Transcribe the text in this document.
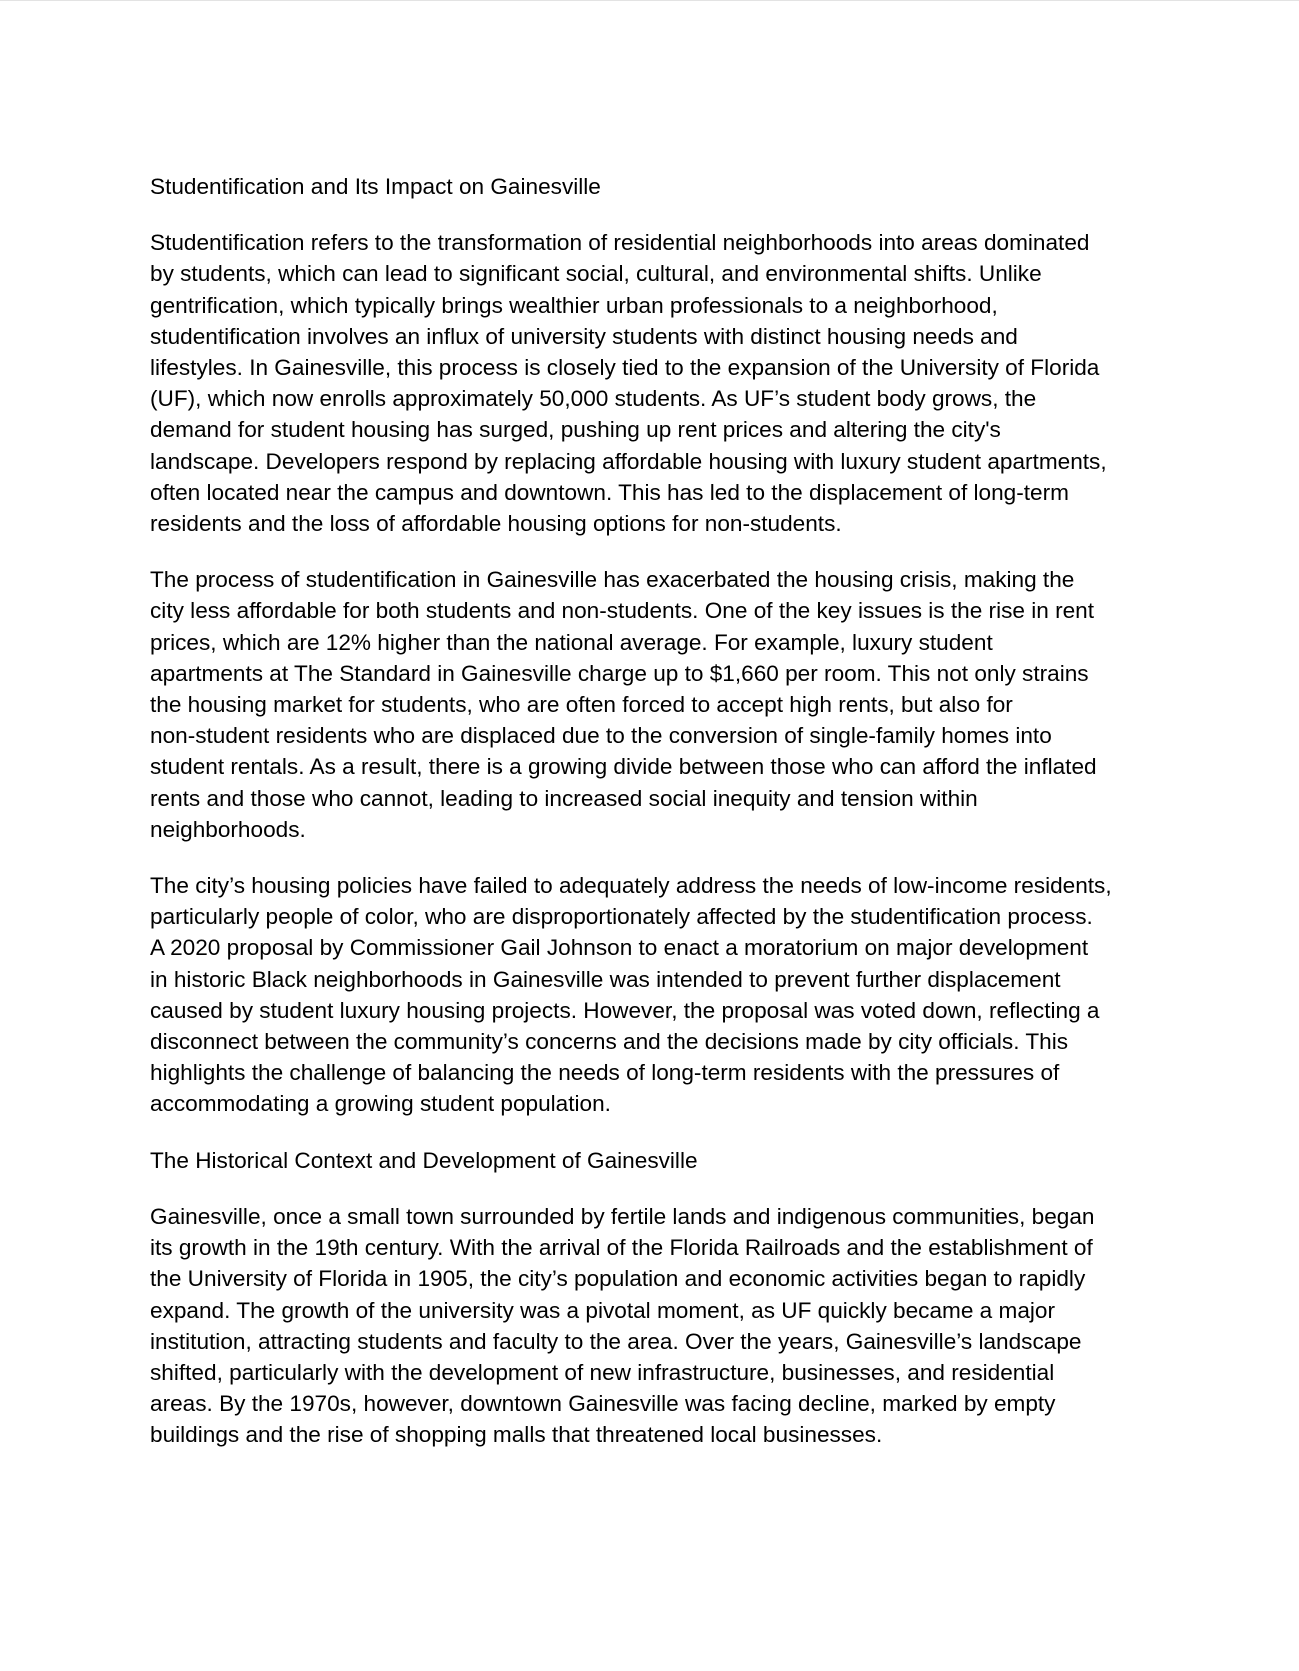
Studentification and Its Impact on Gainesville

Studentification refers to the transformation of residential neighborhoods into areas dominated
by students, which can lead to significant social, cultural, and environmental shifts. Unlike
gentrification, which typically brings wealthier urban professionals to a neighborhood,
studentification involves an influx of university students with distinct housing needs and
lifestyles. In Gainesville, this process is closely tied to the expansion of the University of Florida
(UF), which now enrolls approximately 50,000 students. As UF’s student body grows, the
demand for student housing has surged, pushing up rent prices and altering the city's
landscape. Developers respond by replacing affordable housing with luxury student apartments,
often located near the campus and downtown. This has led to the displacement of long-term
residents and the loss of affordable housing options for non-students.

The process of studentification in Gainesville has exacerbated the housing crisis, making the
city less affordable for both students and non-students. One of the key issues is the rise in rent
prices, which are 12% higher than the national average. For example, luxury student
apartments at The Standard in Gainesville charge up to $1,660 per room. This not only strains
the housing market for students, who are often forced to accept high rents, but also for
non-student residents who are displaced due to the conversion of single-family homes into
student rentals. As a result, there is a growing divide between those who can afford the inflated
rents and those who cannot, leading to increased social inequity and tension within
neighborhoods.

The city’s housing policies have failed to adequately address the needs of low-income residents,
particularly people of color, who are disproportionately affected by the studentification process.
A 2020 proposal by Commissioner Gail Johnson to enact a moratorium on major development
in historic Black neighborhoods in Gainesville was intended to prevent further displacement
caused by student luxury housing projects. However, the proposal was voted down, reflecting a
disconnect between the community’s concerns and the decisions made by city officials. This
highlights the challenge of balancing the needs of long-term residents with the pressures of
accommodating a growing student population.

The Historical Context and Development of Gainesville

Gainesville, once a small town surrounded by fertile lands and indigenous communities, began
its growth in the 19th century. With the arrival of the Florida Railroads and the establishment of
the University of Florida in 1905, the city’s population and economic activities began to rapidly
expand. The growth of the university was a pivotal moment, as UF quickly became a major
institution, attracting students and faculty to the area. Over the years, Gainesville’s landscape
shifted, particularly with the development of new infrastructure, businesses, and residential
areas. By the 1970s, however, downtown Gainesville was facing decline, marked by empty
buildings and the rise of shopping malls that threatened local businesses.
